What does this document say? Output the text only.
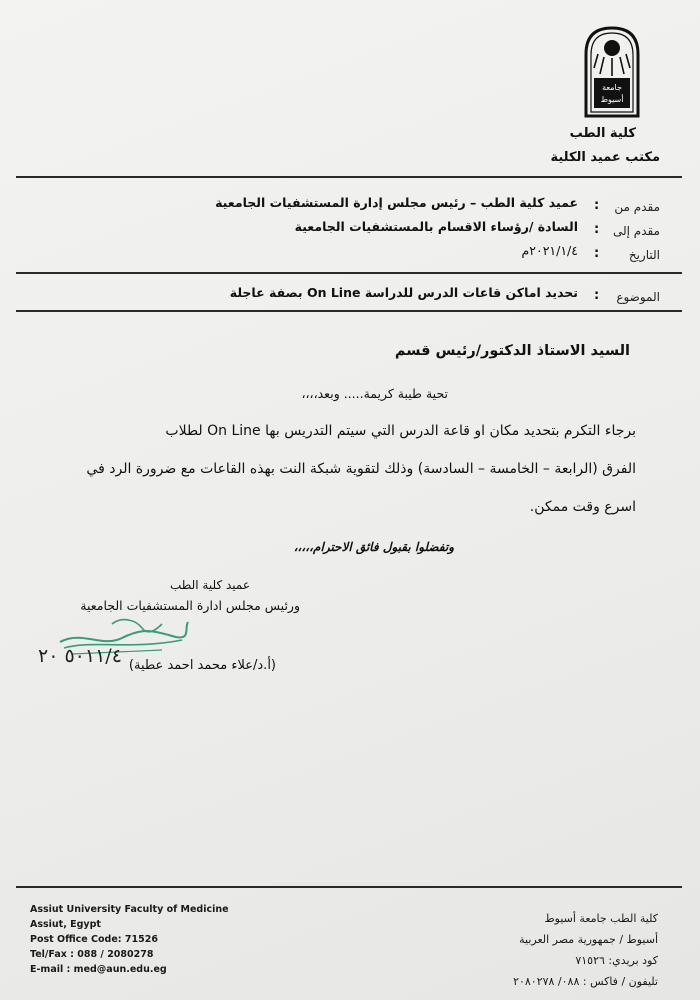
جامعة
أسيوط
كلية الطب
مكتب عميد الكلية
مقدم من
:
عميد كلية الطب – رئيس مجلس إدارة المستشفيات الجامعية
مقدم إلى
:
السادة /رؤساء الاقسام بالمستشفيات الجامعية
التاريخ
:
٢٠٢١/١/٤م
الموضوع
:
تحديد اماكن قاعات الدرس للدراسة On Line بصفة عاجلة
السيد الاستاذ الدكتور/رئيس قسم
تحية طيبة كريمة..... وبعد،،،،
برجاء التكرم بتحديد مكان او قاعة الدرس التي سيتم التدريس بها On Line لطلاب
الفرق (الرابعة – الخامسة – السادسة) وذلك لتقوية شبكة النت بهذه القاعات مع ضرورة الرد في
اسرع وقت ممكن.
وتفضلوا بقبول فائق الاحترام،،،،،
عميد كلية الطب
ورئيس مجلس ادارة المستشفيات الجامعية
٥٠١١/٤ ٢٠ (أ.د/علاء محمد احمد عطية)
Assiut University Faculty of Medicine
Assiut, Egypt
Post Office Code: 71526
Tel/Fax : 088 / 2080278
E-mail : med@aun.edu.eg
كلية الطب جامعة أسيوط
أسيوط / جمهورية مصر العربية
كود بريدي: ٧١٥٢٦
تليفون / فاكس : ٠٨٨/ ٢٠٨٠٢٧٨
